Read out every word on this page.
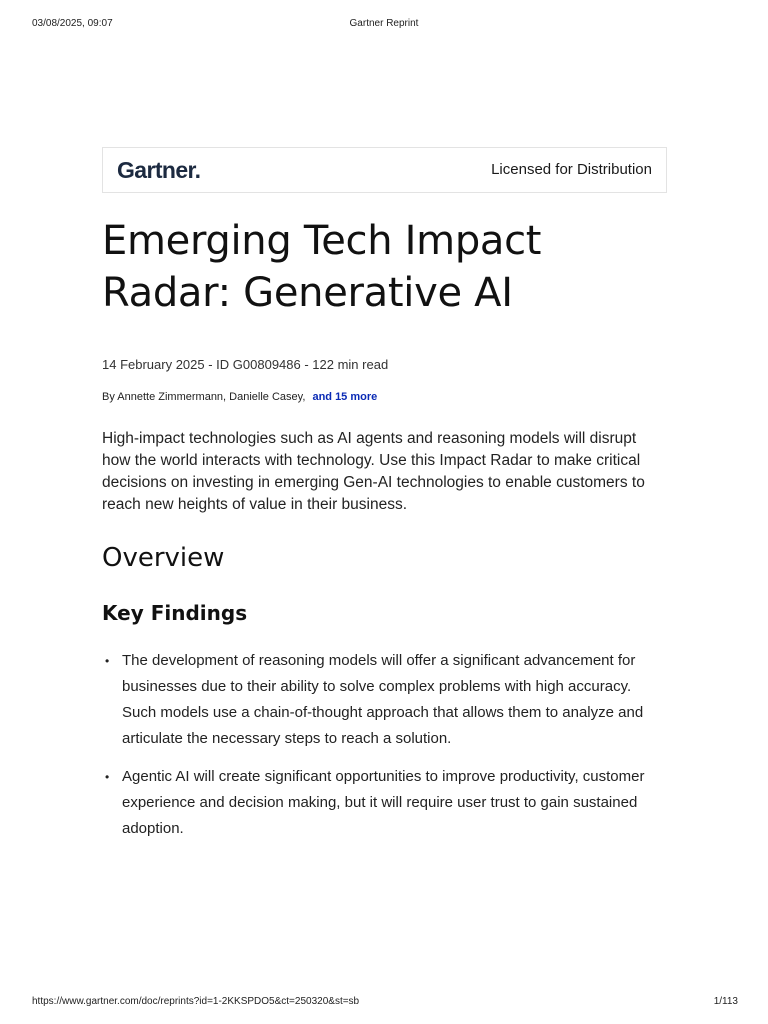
03/08/2025, 09:07	Gartner Reprint
Gartner.	Licensed for Distribution
Emerging Tech Impact Radar: Generative AI
14 February 2025 - ID G00809486 - 122 min read
By Annette Zimmermann, Danielle Casey, and 15 more

High-impact technologies such as AI agents and reasoning models will disrupt how the world interacts with technology. Use this Impact Radar to make critical decisions on investing in emerging Gen-AI technologies to enable customers to reach new heights of value in their business.

Overview
Key Findings
• The development of reasoning models will offer a significant advancement for businesses due to their ability to solve complex problems with high accuracy. Such models use a chain-of-thought approach that allows them to analyze and articulate the necessary steps to reach a solution.
• Agentic AI will create significant opportunities to improve productivity, customer experience and decision making, but it will require user trust to gain sustained adoption.
https://www.gartner.com/doc/reprints?id=1-2KKSPDO5&ct=250320&st=sb	1/113
